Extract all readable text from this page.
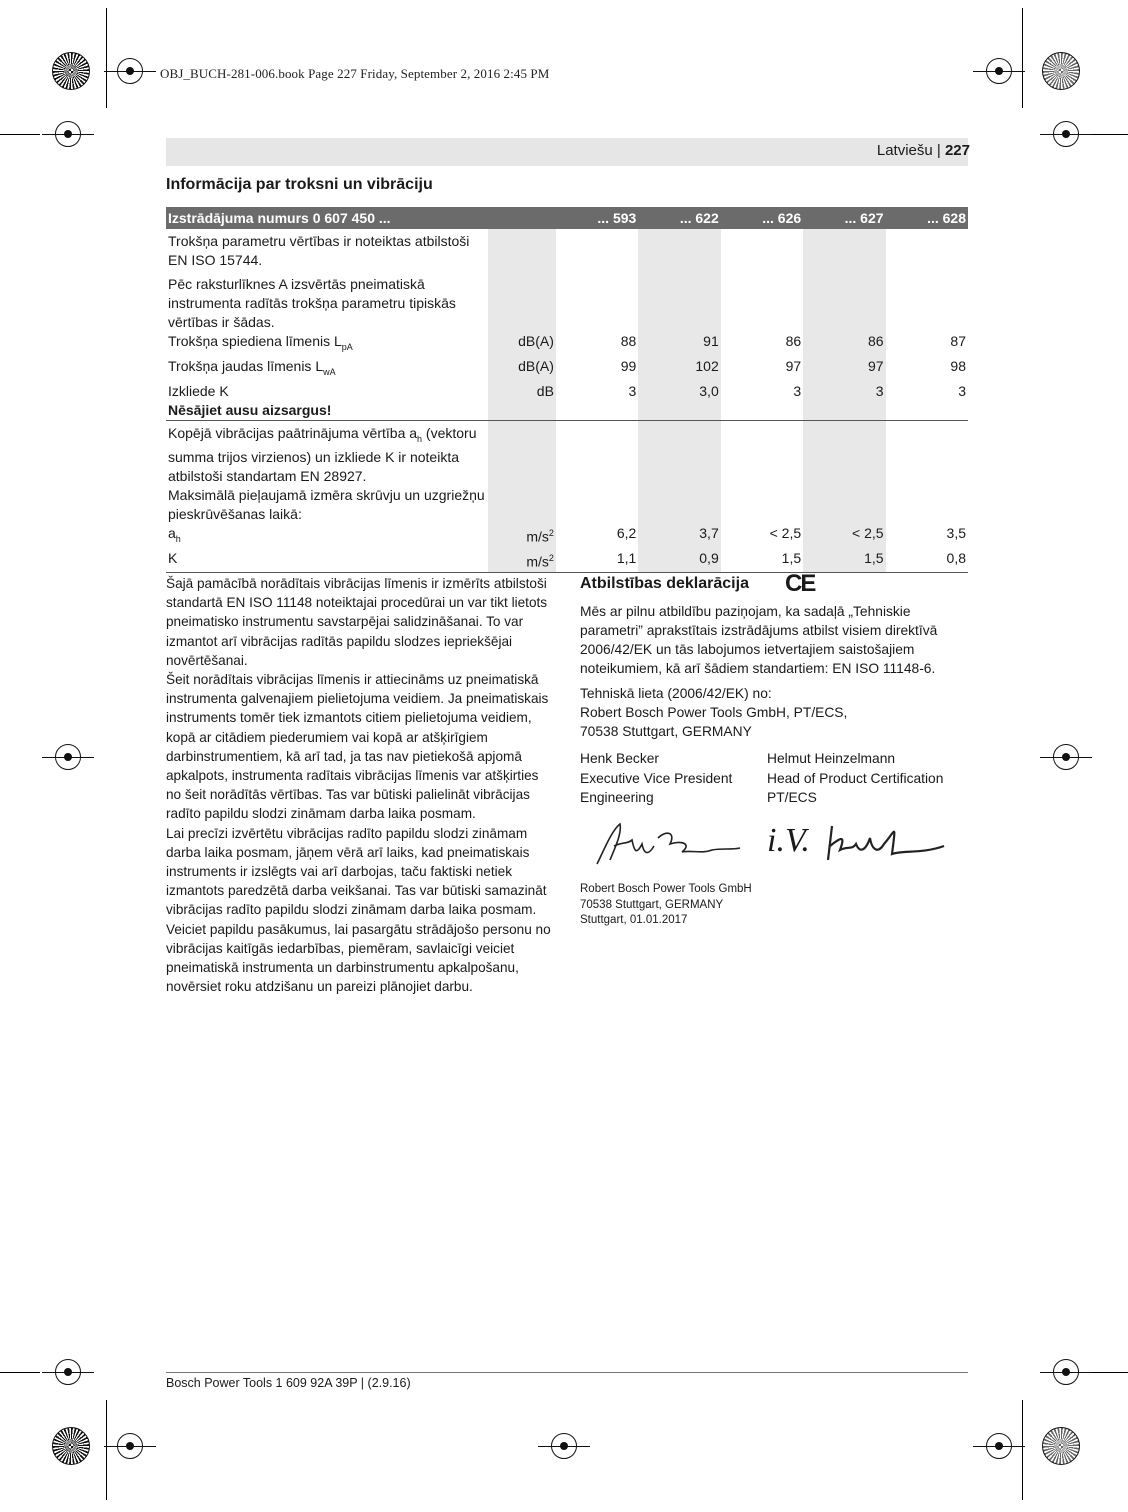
OBJ_BUCH-281-006.book Page 227 Friday, September 2, 2016 2:45 PM
Latviešu | 227
Informācija par troksni un vibrāciju
Izstrādājuma numurs 0 607 450 ...		... 593	... 622	... 626	... 627	... 628
Trokšņa parametru vērtības ir noteiktas atbilstoši EN ISO 15744.						
Pēc raksturlīknes A izsvērtās pneimatiskā instrumenta radītās trokšņa parametru tipiskās vērtības ir šādas.						
Trokšņa spiediena līmenis $L_{pA}$	dB(A)	88	91	86	86	87
Trokšņa jaudas līmenis $L_{wA}$	dB(A)	99	102	97	97	98
Izkliede K	dB	3	3,0	3	3	3
Nēsājiet ausu aizsargus!						
Kopējā vibrācijas paātrinājuma vērtība $a_h$ (vektoru summa trijos virzienos) un izkliede K ir noteikta atbilstoši standartam EN 28927.						
Maksimālā pieļaujamā izmēra skrūvju un uzgriežņu pieskrūvēšanas laikā:						
$a_h$	$m/s^2$	6,2	3,7	< 2,5	< 2,5	3,5
K	$m/s^2$	1,1	0,9	1,5	1,5	0,8

Šajā pamācībā norādītais vibrācijas līmenis ir izmērīts atbilstoši standartā EN ISO 11148 noteiktajai procedūrai un var tikt lietots pneimatisko instrumentu savstarpējai salidzināšanai. To var izmantot arī vibrācijas radītās papildu slodzes iepriekšējai novērtēšanai.

Šeit norādītais vibrācijas līmenis ir attiecināms uz pneimatiskā instrumenta galvenajiem pielietojuma veidiem. Ja pneimatiskais instruments tomēr tiek izmantots citiem pielietojuma veidiem, kopā ar citādiem piederumiem vai kopā ar atšķirīgiem darbinstrumentiem, kā arī tad, ja tas nav pietiekošā apjomā apkalpots, instrumenta radītais vibrācijas līmenis var atšķirties no šeit norādītās vērtības. Tas var būtiski palielināt vibrācijas radīto papildu slodzi zināmam darba laika posmam.

Lai precīzi izvērtētu vibrācijas radīto papildu slodzi zināmam darba laika posmam, jāņem vērā arī laiks, kad pneimatiskais instruments ir izslēgts vai arī darbojas, taču faktiski netiek izmantots paredzētā darba veikšanai. Tas var būtiski samazināt vibrācijas radīto papildu slodzi zināmam darba laika posmam.

Veiciet papildu pasākumus, lai pasargātu strādājošo personu no vibrācijas kaitīgās iedarbības, piemēram, savlaicīgi veiciet pneimatiskā instrumenta un darbinstrumentu apkalpošanu, novērsiet roku atdzišanu un pareizi plānojiet darbu.

Atbilstības deklarācija CE

Mēs ar pilnu atbildību paziņojam, ka sadaļā „Tehniskie parametri” aprakstītais izstrādājums atbilst visiem direktīvā 2006/42/EK un tās labojumos ietvertajiem saistošajiem noteikumiem, kā arī šādiem standartiem: EN ISO 11148-6.

Tehniskā lieta (2006/42/EK) no:
Robert Bosch Power Tools GmbH, PT/ECS,
70538 Stuttgart, GERMANY

Henk Becker
Executive Vice President
Engineering
Helmut Heinzelmann
Head of Product Certification
PT/ECS
i.V.
Robert Bosch Power Tools GmbH
70538 Stuttgart, GERMANY
Stuttgart, 01.01.2017
Bosch Power Tools 1 609 92A 39P | (2.9.16)
